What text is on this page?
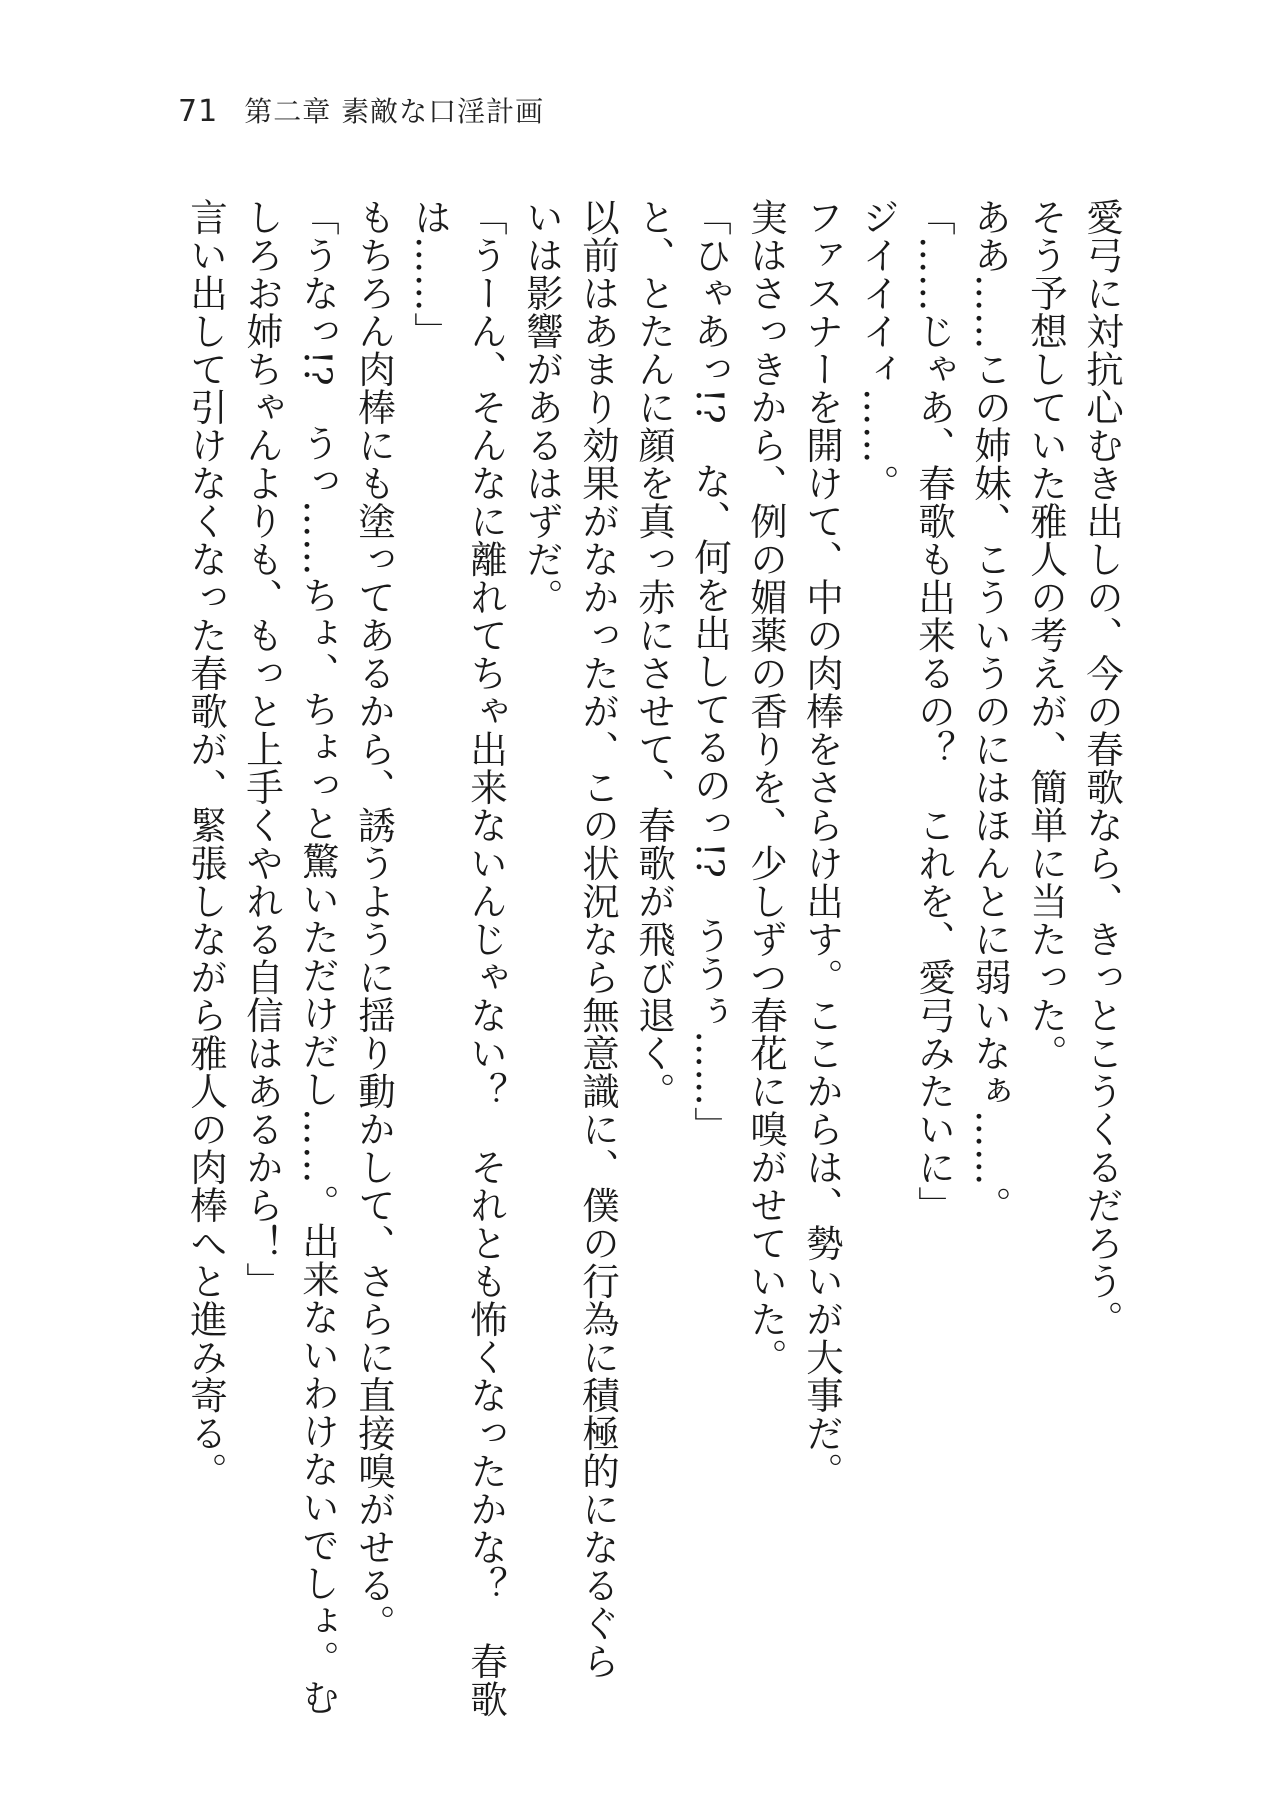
71 第二章 素敵な口淫計画

愛弓に対抗心むき出しの、今の春歌なら、きっとこうくるだろう。

そう予想していた雅人の考えが、簡単に当たった。

ああ……この姉妹、こういうのにはほんとに弱いなぁ……。

「……じゃあ、春歌も出来るの？　これを、愛弓みたいに」

ジイイイィ……。

ファスナーを開けて、中の肉棒をさらけ出す。ここからは、勢いが大事だ。

実はさっきから、例の媚薬の香りを、少しずつ春花に嗅がせていた。

「ひゃあっ!?　な、何を出してるのっ!?　ううぅ……」

と、とたんに顔を真っ赤にさせて、春歌が飛び退く。

以前はあまり効果がなかったが、この状況なら無意識に、僕の行為に積極的になるぐら

いは影響があるはずだ。

「うーん、そんなに離れてちゃ出来ないんじゃない？　それとも怖くなったかな？　春歌

は……」

もちろん肉棒にも塗ってあるから、誘うように揺り動かして、さらに直接嗅がせる。

「うなっ!?　うっ……ちょ、ちょっと驚いただけだし……。出来ないわけないでしょ。む

しろお姉ちゃんよりも、もっと上手くやれる自信はあるから！」

言い出して引けなくなった春歌が、緊張しながら雅人の肉棒へと進み寄る。
